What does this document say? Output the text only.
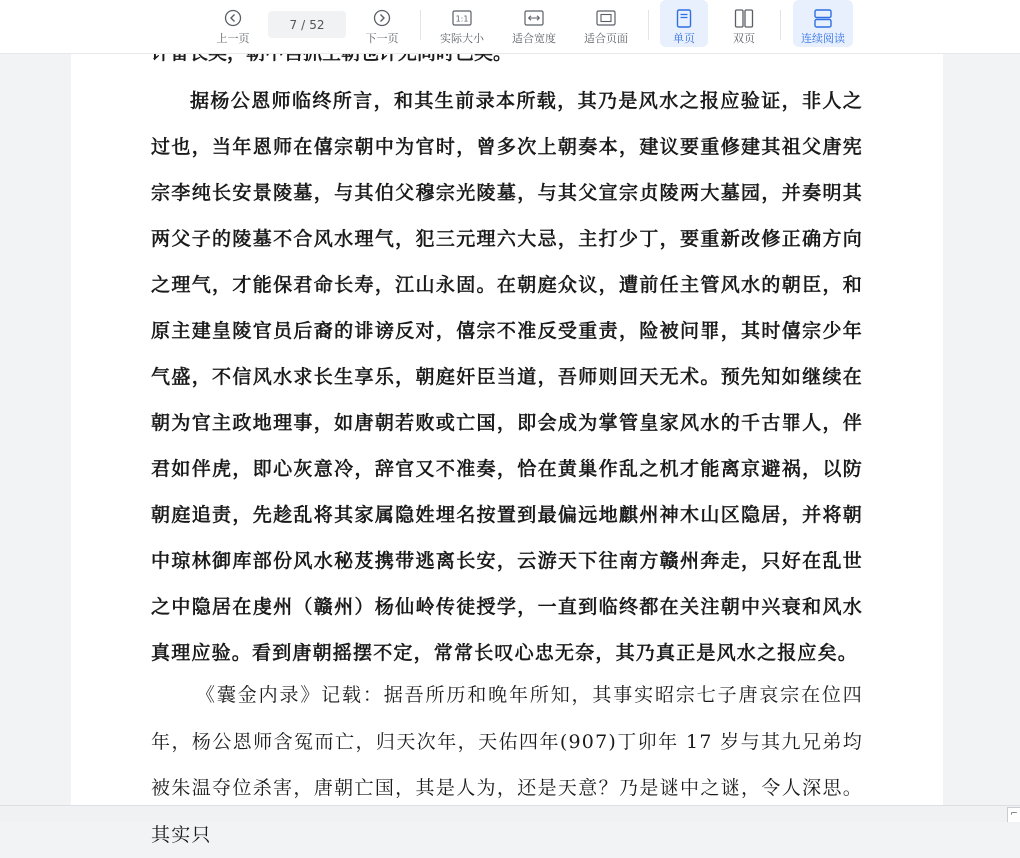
据杨公恩师临终所言，和其生前录本所载，其乃是风水之报应验证，非人之过也，当年恩师在僖宗朝中为官时，曾多次上朝奏本，建议要重修建其祖父唐宪宗李纯长安景陵墓，与其伯父穆宗光陵墓，与其父宣宗贞陵两大墓园，并奏明其两父子的陵墓不合风水理气，犯三元理六大忌，主打少丁，要重新改修正确方向之理气，才能保君命长寿，江山永固。在朝庭众议，遭前任主管风水的朝臣，和原主建皇陵官员后裔的诽谤反对，僖宗不准反受重责，险被问罪，其时僖宗少年气盛，不信风水求长生享乐，朝庭奸臣当道，吾师则回天无术。预先知如继续在朝为官主政地理事，如唐朝若败或亡国，即会成为掌管皇家风水的千古罪人，伴君如伴虎，即心灰意冷，辞官又不准奏，恰在黄巢作乱之机才能离京避祸，以防朝庭追责，先趁乱将其家属隐姓埋名按置到最偏远地麒州神木山区隐居，并将朝中琼林御库部份风水秘芨携带逃离长安，云游天下往南方赣州奔走，只好在乱世之中隐居在虔州（赣州）杨仙岭传徒授学，一直到临终都在关注朝中兴衰和风水真理应验。看到唐朝摇摆不定，常常长叹心忠无奈，其乃真正是风水之报应矣。

《囊金内录》记载：据吾所历和晚年所知，其事实昭宗七子唐哀宗在位四年，杨公恩师含冤而亡，归天次年，天佑四年(907)丁卯年 17 岁与其九兄弟均被朱温夺位杀害，唐朝亡国，其是人为，还是天意？乃是谜中之谜，令人深思。其实只

上一页
7 / 52
下一页
1:1
实际大小	适合宽度	适合页面	单页	双页	连续阅读
⌐
